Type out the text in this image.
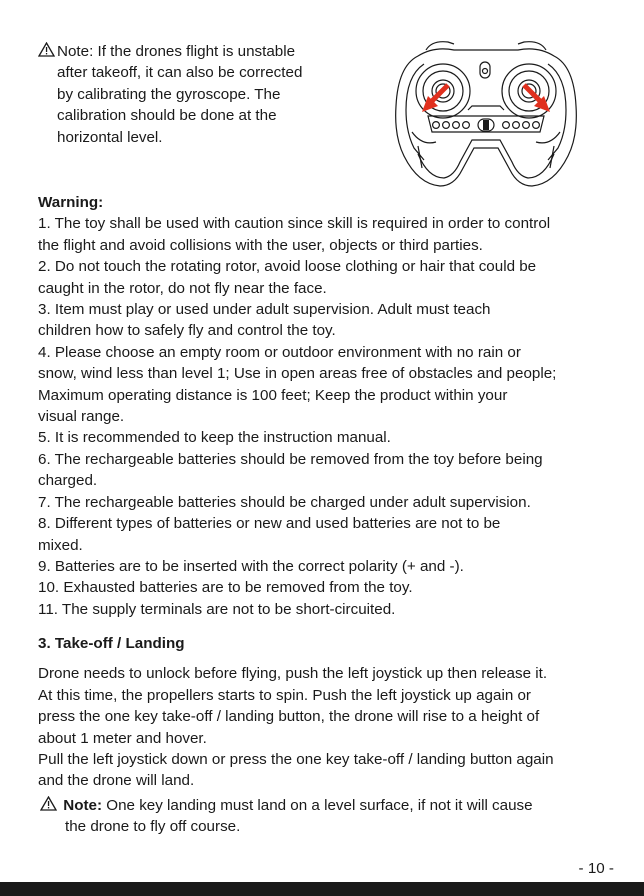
Note: If the drones flight is unstable
after takeoff, it can also be corrected
by calibrating the gyroscope. The
calibration should be done at the
horizontal level.

Warning:

1. The toy shall be used with caution since skill is required in order to control

the flight and avoid collisions with the user, objects or third parties.

2. Do not touch the rotating rotor, avoid loose clothing or hair that could be

caught in the rotor, do not fly near the face.

3. Item must play or used under adult supervision. Adult must teach

children how to safely fly and control the toy.

4. Please choose an empty room or outdoor environment with no rain or

snow, wind less than level 1; Use in open areas free of obstacles and people;

Maximum operating distance is 100 feet; Keep the product within your

visual range.

5. It is recommended to keep the instruction manual.

6. The rechargeable batteries should be removed from the toy before being

charged.

7. The rechargeable batteries should be charged under adult supervision.

8. Different types of batteries or new and used batteries are not to be

mixed.

9. Batteries are to be inserted with the correct polarity (+ and -).

10. Exhausted batteries are to be removed from the toy.

11. The supply terminals are not to be short-circuited.

3. Take-off / Landing

Drone needs to unlock before flying, push the left joystick up then release it.

At this time, the propellers starts to spin. Push the left joystick up again or

press the one key take-off / landing button, the drone will rise to a height of

about 1 meter and hover.

Pull the left joystick down or press the one key take-off / landing button again

and the drone will land.

Note: One key landing must land on a level surface, if not it will cause
the drone to fly off course.
- 10 -
